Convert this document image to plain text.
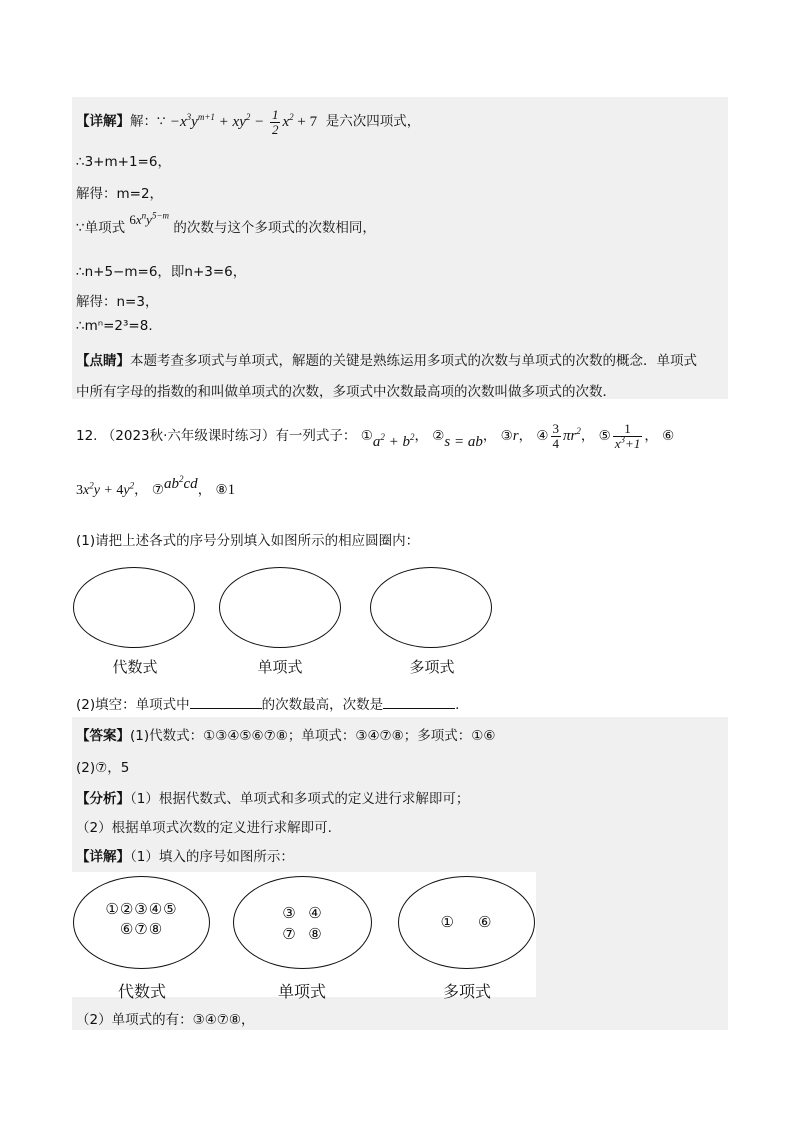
【详解】解：∵ $-x^3y^{m+1} + xy^2 - \frac{1}{2} x^2 + 7$ 是六次四项式，
∴3+m+1=6，
解得：m=2，
∵单项式 $6x^ny^{5-m}$ 的次数与这个多项式的次数相同，
∴n+5−m=6，即n+3=6，
解得：n=3，
∴mⁿ=2³=8.
【点睛】本题考查多项式与单项式，解题的关键是熟练运用多项式的次数与单项式的次数的概念．单项式
中所有字母的指数的和叫做单项式的次数，多项式中次数最高项的次数叫做多项式的次数．
12. （2023秋·六年级课时练习）有一列式子： $①a^2 + b^2$， ②s = ab， ③r， ④ $\frac{3}{4} \pi r^2$， ⑤ $\frac{1}{x^3+1}$ ， ⑥
$3x^2y + 4y^2$， $⑦ab^2cd$， ⑧1
(1)请把上述各式的序号分别填入如图所示的相应圆圈内：
代数式	单项式	多项式
(2)填空：单项式中	的次数最高，次数是	.
【答案】(1)代数式：①③④⑤⑥⑦⑧；单项式：③④⑦⑧；多项式：①⑥
(2)⑦，5
【分析】（1）根据代数式、单项式和多项式的定义进行求解即可；
（2）根据单项式次数的定义进行求解即可.
【详解】（1）填入的序号如图所示：
①②③④⑤
⑥⑦⑧
③  ④
⑦  ⑧
①    ⑥
代数式	单项式	多项式
（2）单项式的有：③④⑦⑧，
